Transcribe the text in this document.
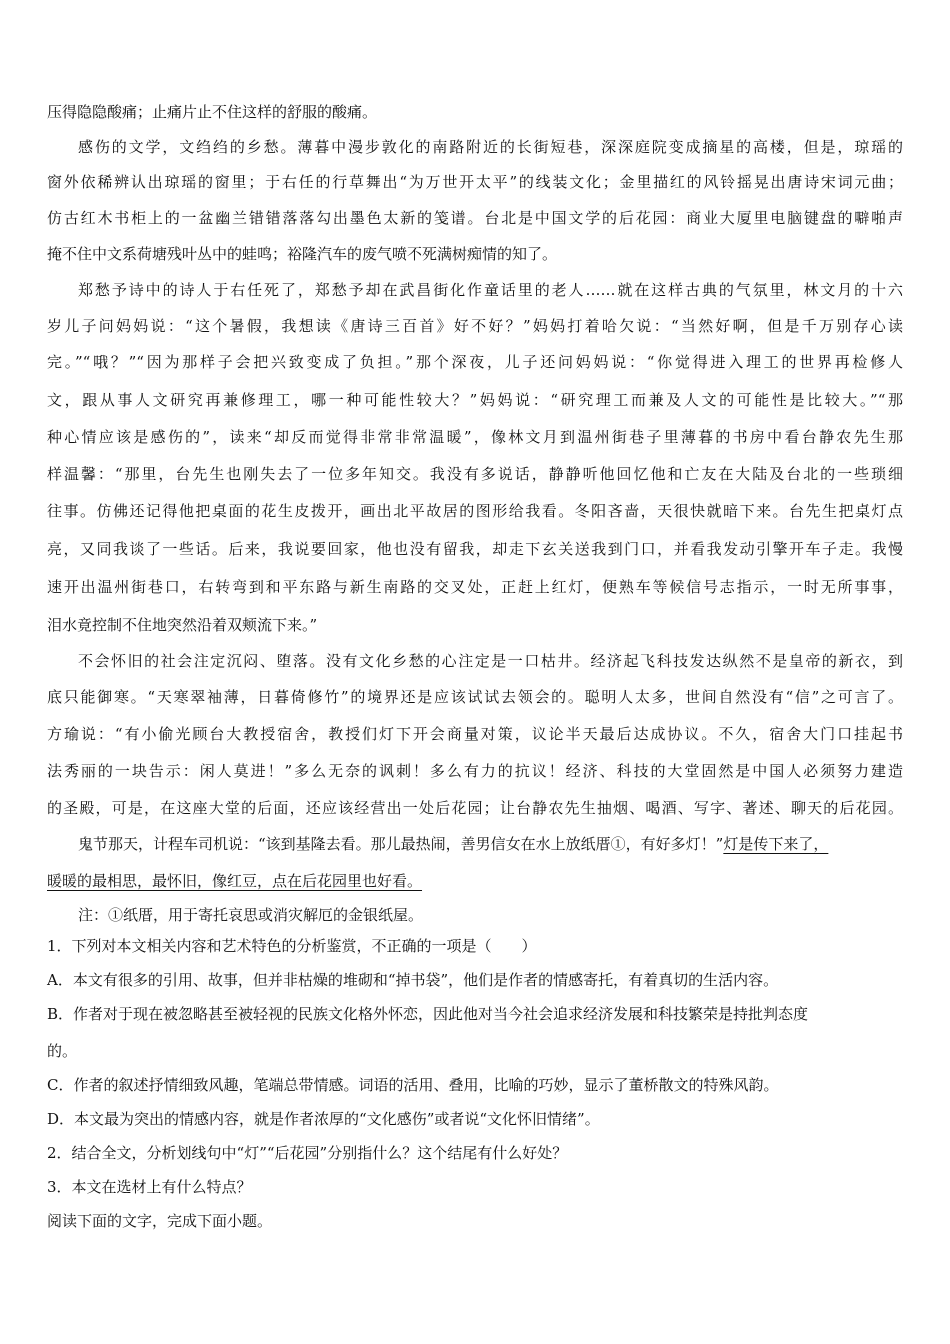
压得隐隐酸痛；止痛片止不住这样的舒服的酸痛。
感伤的文学，文绉绉的乡愁。薄暮中漫步敦化的南路附近的长街短巷，深深庭院变成摘星的高楼，但是，琼瑶的
窗外依稀辨认出琼瑶的窗里；于右任的行草舞出“为万世开太平”的线装文化；金里描红的风铃摇晃出唐诗宋词元曲；
仿古红木书柜上的一盆幽兰错错落落勾出墨色太新的笺谱。台北是中国文学的后花园：商业大厦里电脑键盘的噼啪声
掩不住中文系荷塘残叶丛中的蛙鸣；裕隆汽车的废气喷不死满树痴情的知了。
郑愁予诗中的诗人于右任死了，郑愁予却在武昌街化作童话里的老人……就在这样古典的气氛里，林文月的十六
岁儿子问妈妈说：“这个暑假，我想读《唐诗三百首》好不好？”妈妈打着哈欠说：“当然好啊，但是千万别存心读
完。”“哦？”“因为那样子会把兴致变成了负担。”那个深夜，儿子还问妈妈说：“你觉得进入理工的世界再检修人
文，跟从事人文研究再兼修理工，哪一种可能性较大？”妈妈说：“研究理工而兼及人文的可能性是比较大。”“那
种心情应该是感伤的”，读来“却反而觉得非常非常温暖”，像林文月到温州街巷子里薄暮的书房中看台静农先生那
样温馨：“那里，台先生也刚失去了一位多年知交。我没有多说话，静静听他回忆他和亡友在大陆及台北的一些琐细
往事。仿佛还记得他把桌面的花生皮拨开，画出北平故居的图形给我看。冬阳吝啬，天很快就暗下来。台先生把桌灯点
亮，又同我谈了一些话。后来，我说要回家，他也没有留我，却走下玄关送我到门口，并看我发动引擎开车子走。我慢
速开出温州街巷口，右转弯到和平东路与新生南路的交叉处，正赶上红灯，便熟车等候信号志指示，一时无所事事，
泪水竟控制不住地突然沿着双颊流下来。”
不会怀旧的社会注定沉闷、堕落。没有文化乡愁的心注定是一口枯井。经济起飞科技发达纵然不是皇帝的新衣，到
底只能御寒。“天寒翠袖薄，日暮倚修竹”的境界还是应该试试去领会的。聪明人太多，世间自然没有“信”之可言了。
方瑜说：“有小偷光顾台大教授宿舍，教授们灯下开会商量对策，议论半天最后达成协议。不久，宿舍大门口挂起书
法秀丽的一块告示：闲人莫进！”多么无奈的讽刺！多么有力的抗议！经济、科技的大堂固然是中国人必须努力建造
的圣殿，可是，在这座大堂的后面，还应该经营出一处后花园；让台静农先生抽烟、喝酒、写字、著述、聊天的后花园。
鬼节那天，计程车司机说：“该到基隆去看。那儿最热闹，善男信女在水上放纸厝①，有好多灯！”灯是传下来了，
暖暖的最相思，最怀旧，像红豆，点在后花园里也好看。
注：①纸厝，用于寄托哀思或消灾解厄的金银纸屋。
1．下列对本文相关内容和艺术特色的分析鉴赏，不正确的一项是（　　）
A．本文有很多的引用、故事，但并非枯燥的堆砌和“掉书袋”，他们是作者的情感寄托，有着真切的生活内容。
B．作者对于现在被忽略甚至被轻视的民族文化格外怀恋，因此他对当今社会追求经济发展和科技繁荣是持批判态度
的。
C．作者的叙述抒情细致风趣，笔端总带情感。词语的活用、叠用，比喻的巧妙，显示了董桥散文的特殊风韵。
D．本文最为突出的情感内容，就是作者浓厚的“文化感伤”或者说“文化怀旧情绪”。
2．结合全文，分析划线句中“灯”“后花园”分别指什么？这个结尾有什么好处？
3．本文在选材上有什么特点？
阅读下面的文字，完成下面小题。
